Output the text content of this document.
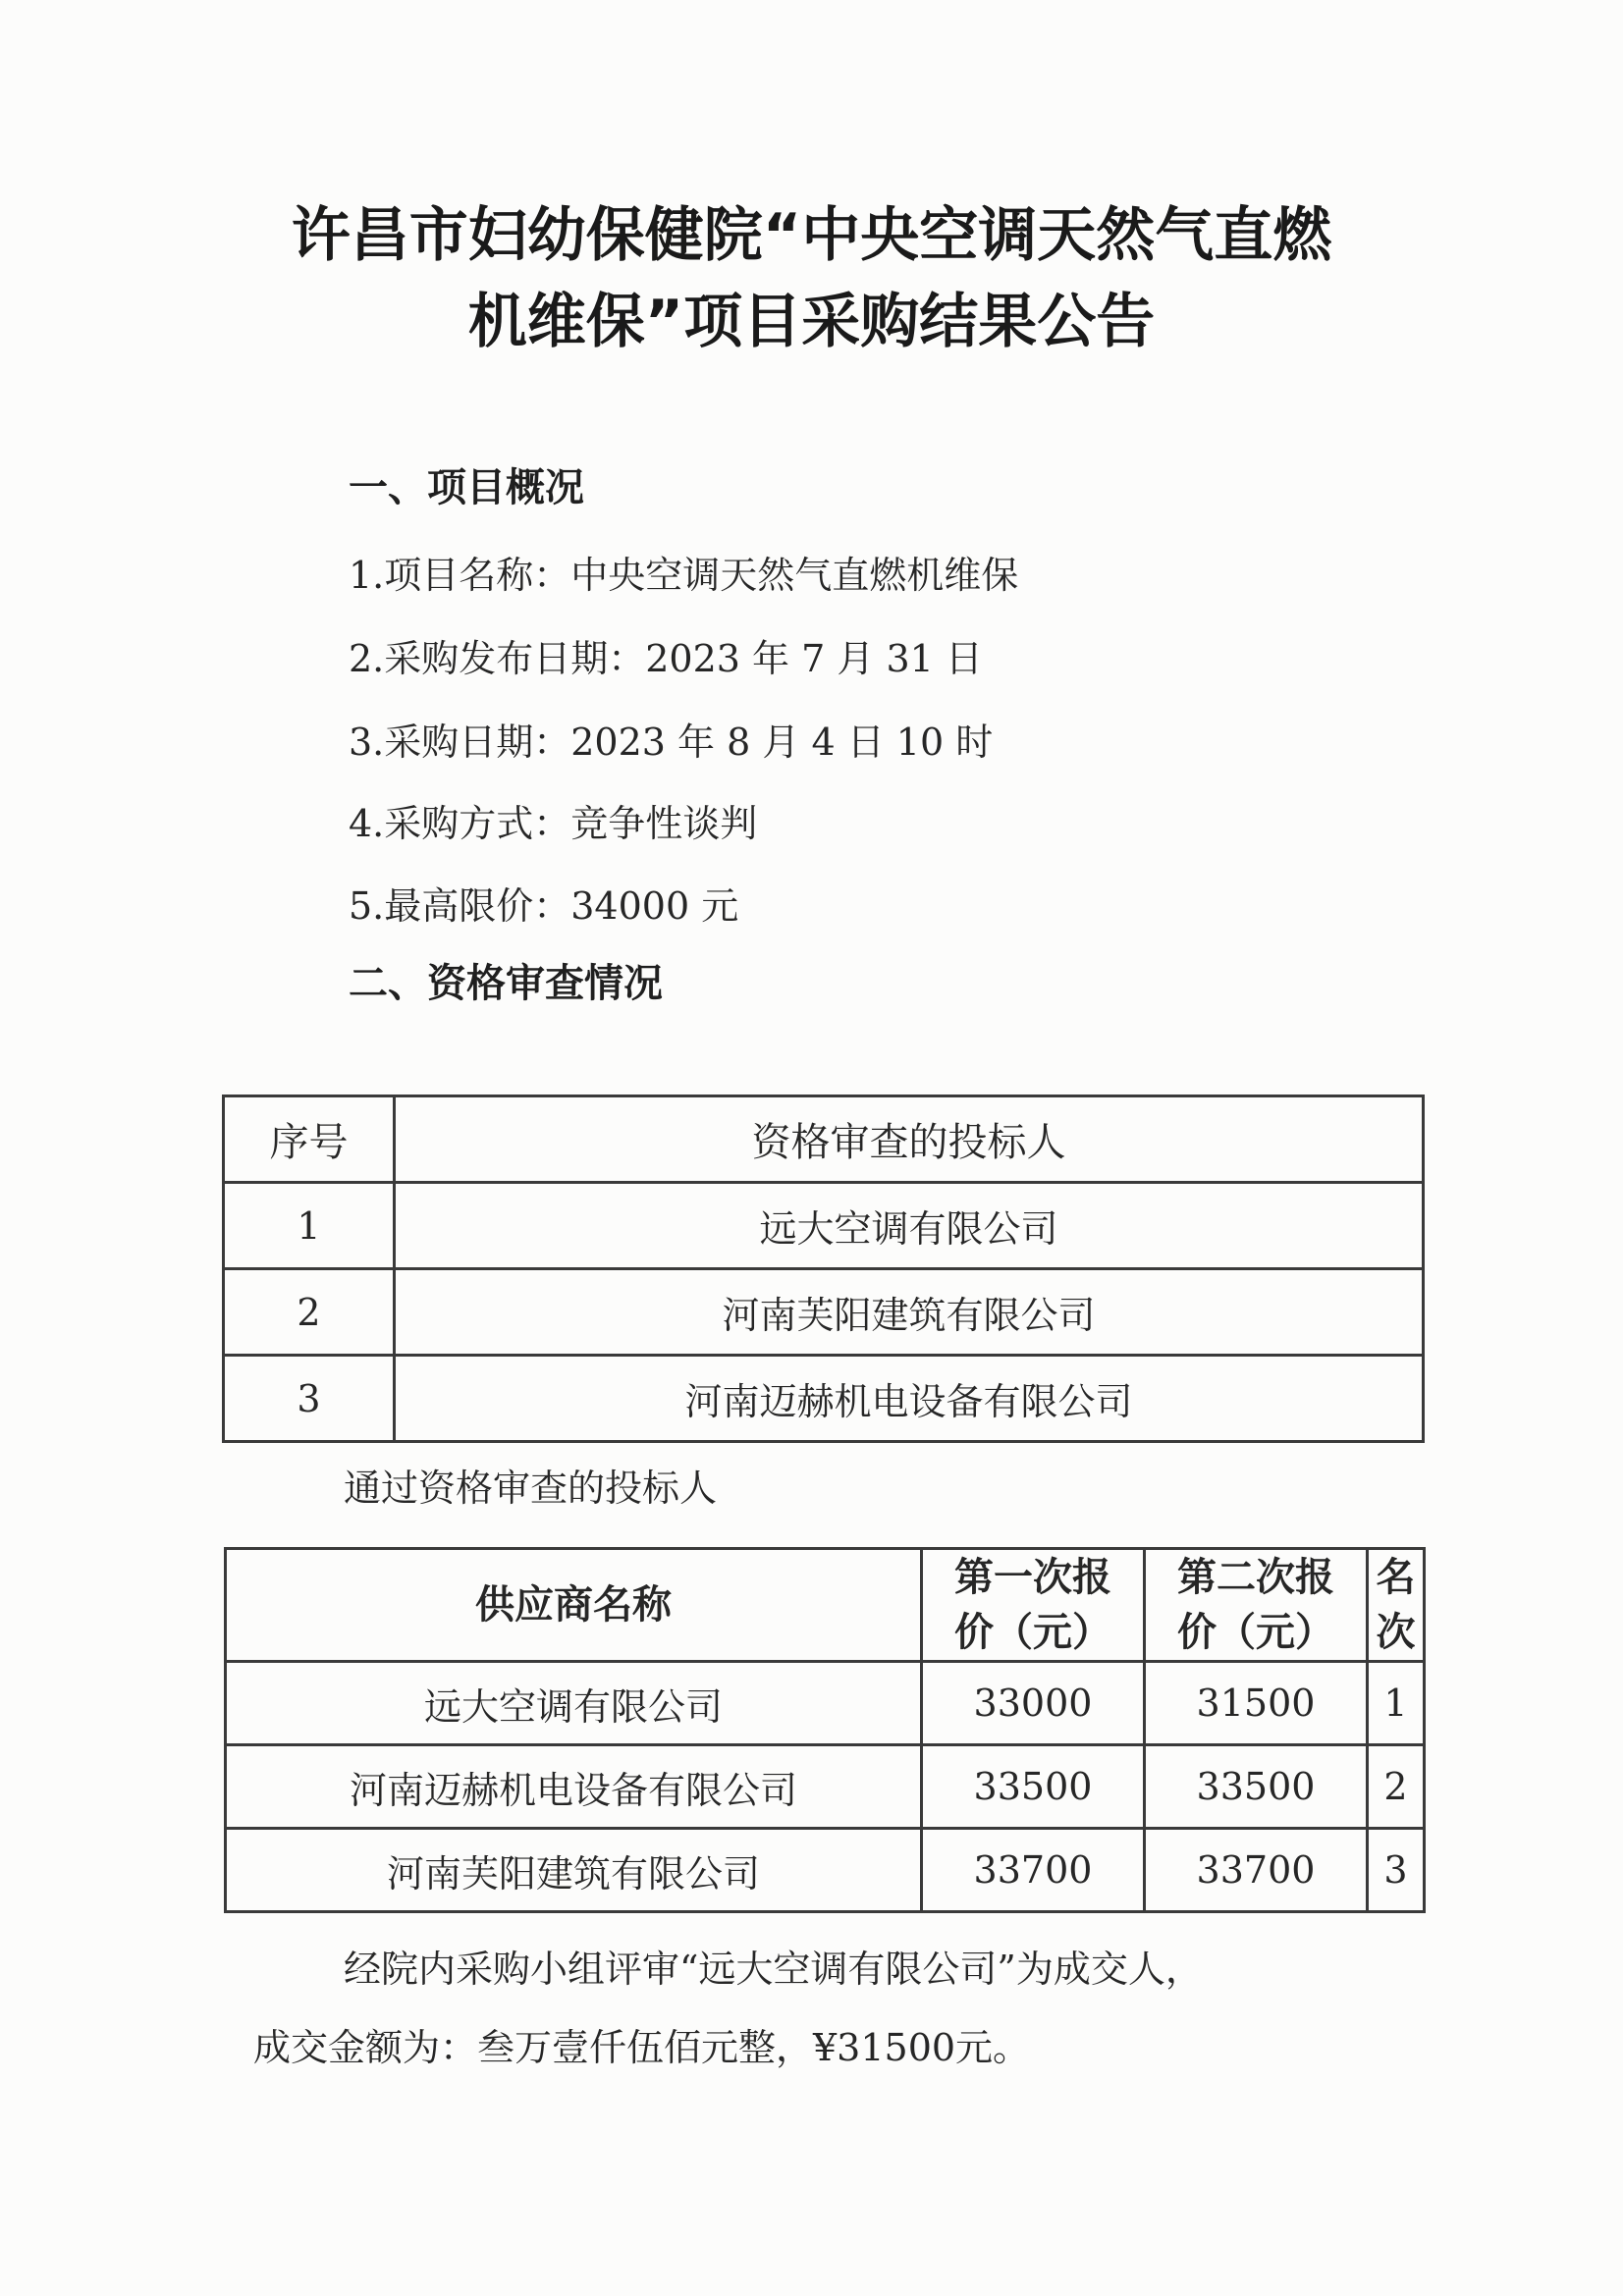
许昌市妇幼保健院“中央空调天然气直燃
机维保”项目采购结果公告
一、项目概况
1.项目名称：中央空调天然气直燃机维保
2.采购发布日期：2023 年 7 月 31 日
3.采购日期：2023 年 8 月 4 日 10 时
4.采购方式：竞争性谈判
5.最高限价：34000 元
二、资格审查情况
序号	资格审查的投标人
1	远大空调有限公司
2	河南芙阳建筑有限公司
3	河南迈赫机电设备有限公司
通过资格审查的投标人
供应商名称	第一次报价（元）	第二次报价（元）	名次
远大空调有限公司	33000	31500	1
河南迈赫机电设备有限公司	33500	33500	2
河南芙阳建筑有限公司	33700	33700	3
经院内采购小组评审“远大空调有限公司”为成交人，
成交金额为：叁万壹仟伍佰元整，¥31500元。
